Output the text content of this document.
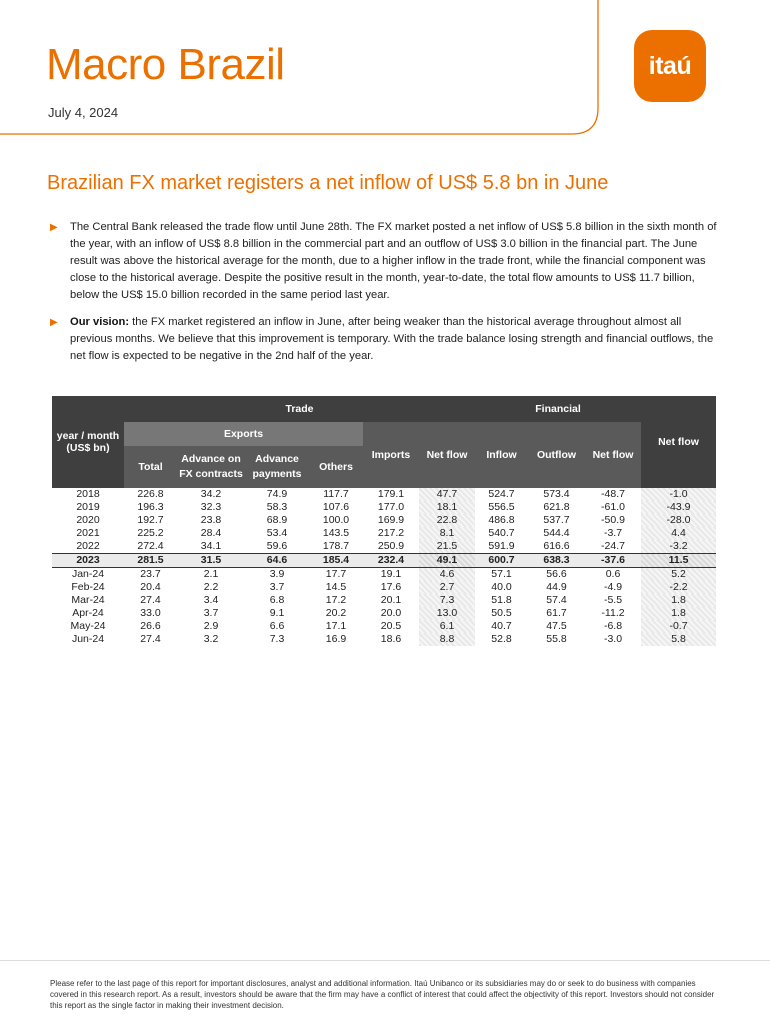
Macro Brazil
July 4, 2024
itaú
Brazilian FX market registers a net inflow of US$ 5.8 bn in June
▶	The Central Bank released the trade flow until June 28th. The FX market posted a net inflow of US$ 5.8 billion in the sixth month of the year, with an inflow of US$ 8.8 billion in the commercial part and an outflow of US$ 3.0 billion in the financial part. The June result was above the historical average for the month, due to a higher inflow in the trade front, while the financial component was close to the historical average. Despite the positive result in the month, year-to-date, the total flow amounts to US$ 11.7 billion, below the US$ 15.0 billion recorded in the same period last year.
▶	Our vision: the FX market registered an inflow in June, after being weaker than the historical average throughout almost all previous months. We believe that this improvement is temporary. With the trade balance losing strength and financial outflows, the net flow is expected to be negative in the 2nd half of the year.
year / month (US$ bn)	Trade						Financial			Net flow
	Exports				Imports	Net flow	Inflow	Outflow	Net flow	
	Total	Advance on FX contracts	Advance payments	Others						
2018	226.8	34.2	74.9	117.7	179.1	47.7	524.7	573.4	-48.7	-1.0
2019	196.3	32.3	58.3	107.6	177.0	18.1	556.5	621.8	-61.0	-43.9
2020	192.7	23.8	68.9	100.0	169.9	22.8	486.8	537.7	-50.9	-28.0
2021	225.2	28.4	53.4	143.5	217.2	8.1	540.7	544.4	-3.7	4.4
2022	272.4	34.1	59.6	178.7	250.9	21.5	591.9	616.6	-24.7	-3.2
2023	281.5	31.5	64.6	185.4	232.4	49.1	600.7	638.3	-37.6	11.5
Jan-24	23.7	2.1	3.9	17.7	19.1	4.6	57.1	56.6	0.6	5.2
Feb-24	20.4	2.2	3.7	14.5	17.6	2.7	40.0	44.9	-4.9	-2.2
Mar-24	27.4	3.4	6.8	17.2	20.1	7.3	51.8	57.4	-5.5	1.8
Apr-24	33.0	3.7	9.1	20.2	20.0	13.0	50.5	61.7	-11.2	1.8
May-24	26.6	2.9	6.6	17.1	20.5	6.1	40.7	47.5	-6.8	-0.7
Jun-24	27.4	3.2	7.3	16.9	18.6	8.8	52.8	55.8	-3.0	5.8
Please refer to the last page of this report for important disclosures, analyst and additional information. Itaú Unibanco or its subsidiaries may do or seek to do business with companies covered in this research report. As a result, investors should be aware that the firm may have a conflict of interest that could affect the objectivity of this report. Investors should not consider this report as the single factor in making their investment decision.
